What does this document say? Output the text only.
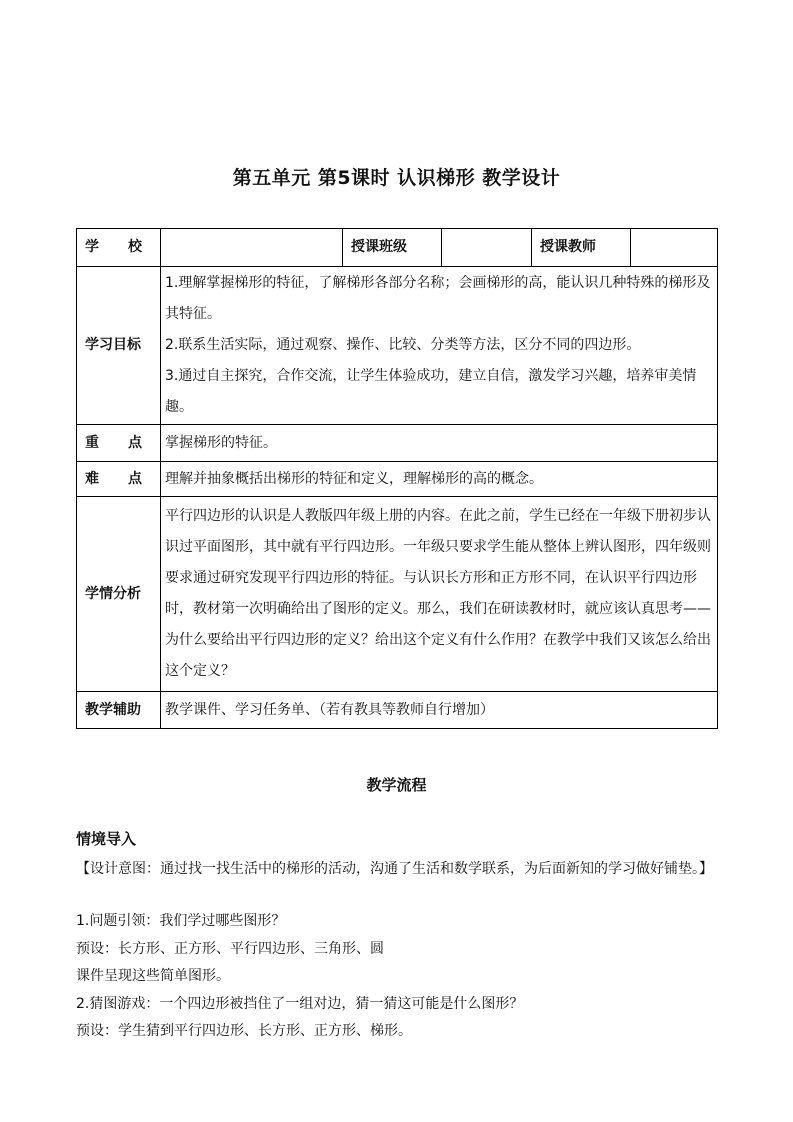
第五单元 第5课时 认识梯形 教学设计
学 校		授课班级		授课教师	
学习目标	1.理解掌握梯形的特征，了解梯形各部分名称；会画梯形的高，能认识几种特殊的梯形及其特征。
2.联系生活实际，通过观察、操作、比较、分类等方法，区分不同的四边形。
3.通过自主探究，合作交流，让学生体验成功，建立自信，激发学习兴趣，培养审美情趣。				

重 点	掌握梯形的特征。				

难 点	理解并抽象概括出梯形的特征和定义，理解梯形的高的概念。				
学情分析	平行四边形的认识是人教版四年级上册的内容。在此之前，学生已经在一年级下册初步认识过平面图形，其中就有平行四边形。一年级只要求学生能从整体上辨认图形，四年级则要求通过研究发现平行四边形的特征。与认识长方形和正方形不同，在认识平行四边形时，教材第一次明确给出了图形的定义。那么，我们在研读教材时，就应该认真思考——为什么要给出平行四边形的定义？给出这个定义有什么作用？在教学中我们又该怎么给出这个定义？				
教学辅助	教学课件、学习任务单、（若有教具等教师自行增加）				
教学流程
情境导入
【设计意图：通过找一找生活中的梯形的活动，沟通了生活和数学联系，为后面新知的学习做好铺垫。】
1.问题引领：我们学过哪些图形？
预设：长方形、正方形、平行四边形、三角形、圆
课件呈现这些简单图形。
2.猜图游戏：一个四边形被挡住了一组对边，猜一猜这可能是什么图形？
预设：学生猜到平行四边形、长方形、正方形、梯形。
